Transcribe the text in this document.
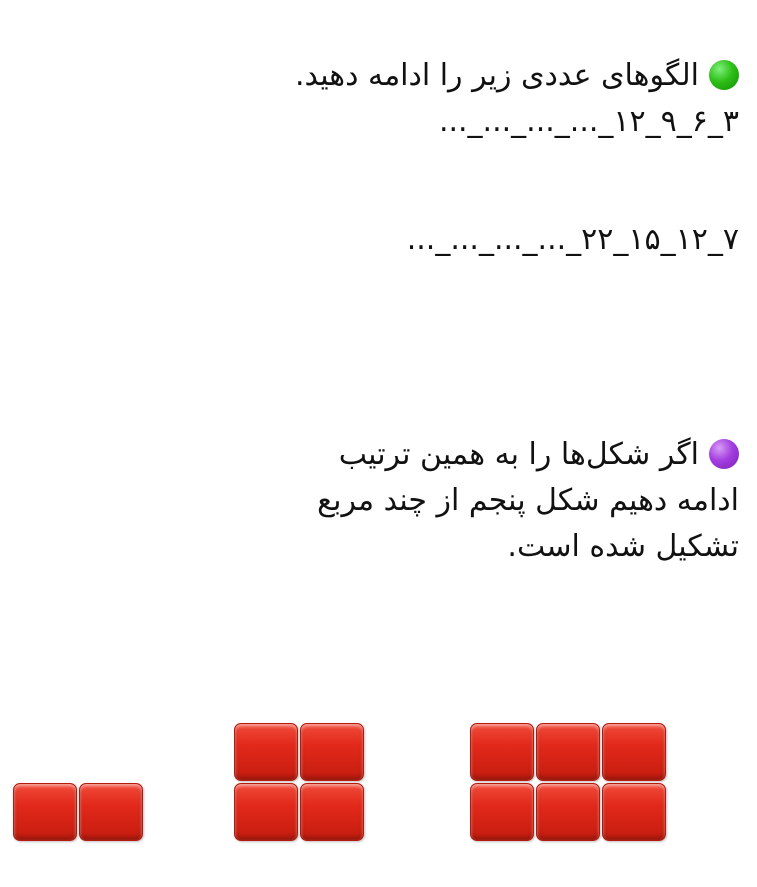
الگوهای عددی زیر را ادامه دهید.
۳_۶_۹_۱۲_..._..._..._...
۷_۱۲_۱۵_۲۲_..._..._..._...
اگر شکل‌ها را به همین ترتیب
ادامه دهیم شکل پنجم از چند مربع
تشکیل شده است.
